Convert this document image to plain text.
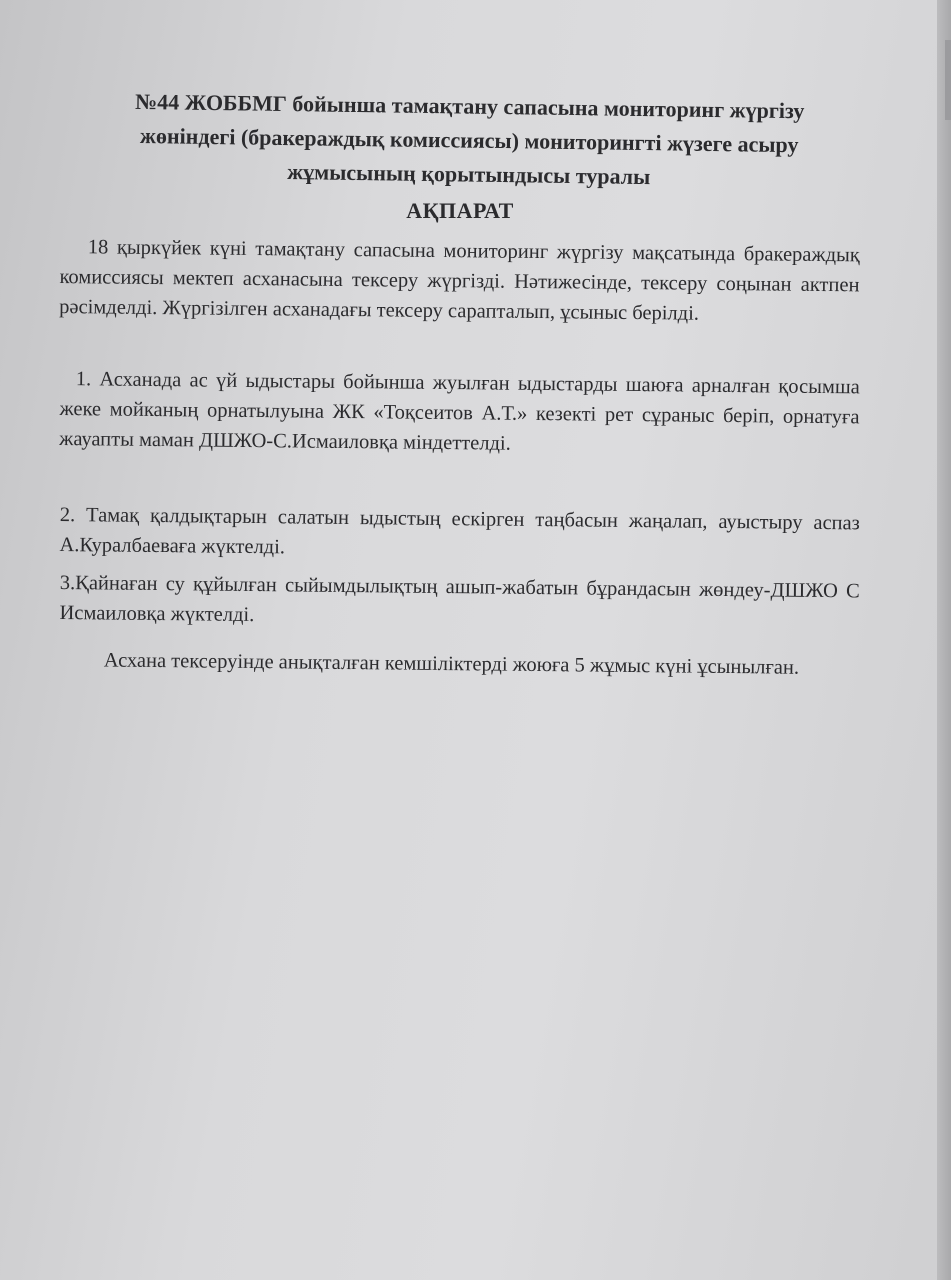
№44 ЖОББМГ бойынша тамақтану сапасына мониторинг жүргізу
жөніндегі (бракераждық комиссиясы) мониторингті жүзеге асыру
жұмысының қорытындысы туралы
АҚПАРАТ

18 қыркүйек күні тамақтану сапасына мониторинг жүргізу мақсатында бракераждық комиссиясы мектеп асханасына тексеру жүргізді. Нәтижесінде, тексеру соңынан актпен рәсімделді. Жүргізілген асханадағы тексеру сарапталып, ұсыныс берілді.

1. Асханада ас үй ыдыстары бойынша жуылған ыдыстарды шаюға арналған қосымша жеке мойканың орнатылуына ЖК «Тоқсеитов А.Т.» кезекті рет сұраныс беріп, орнатуға жауапты маман ДШЖО-С.Исмаиловқа міндеттелді.

2. Тамақ қалдықтарын салатын ыдыстың ескірген таңбасын жаңалап, ауыстыру аспаз А.Куралбаеваға жүктелді.

3.Қайнаған су құйылған сыйымдылықтың ашып-жабатын бұрандасын жөндеу-ДШЖО С Исмаиловқа жүктелді.

Асхана тексеруінде анықталған кемшіліктерді жоюға 5 жұмыс күні ұсынылған.
